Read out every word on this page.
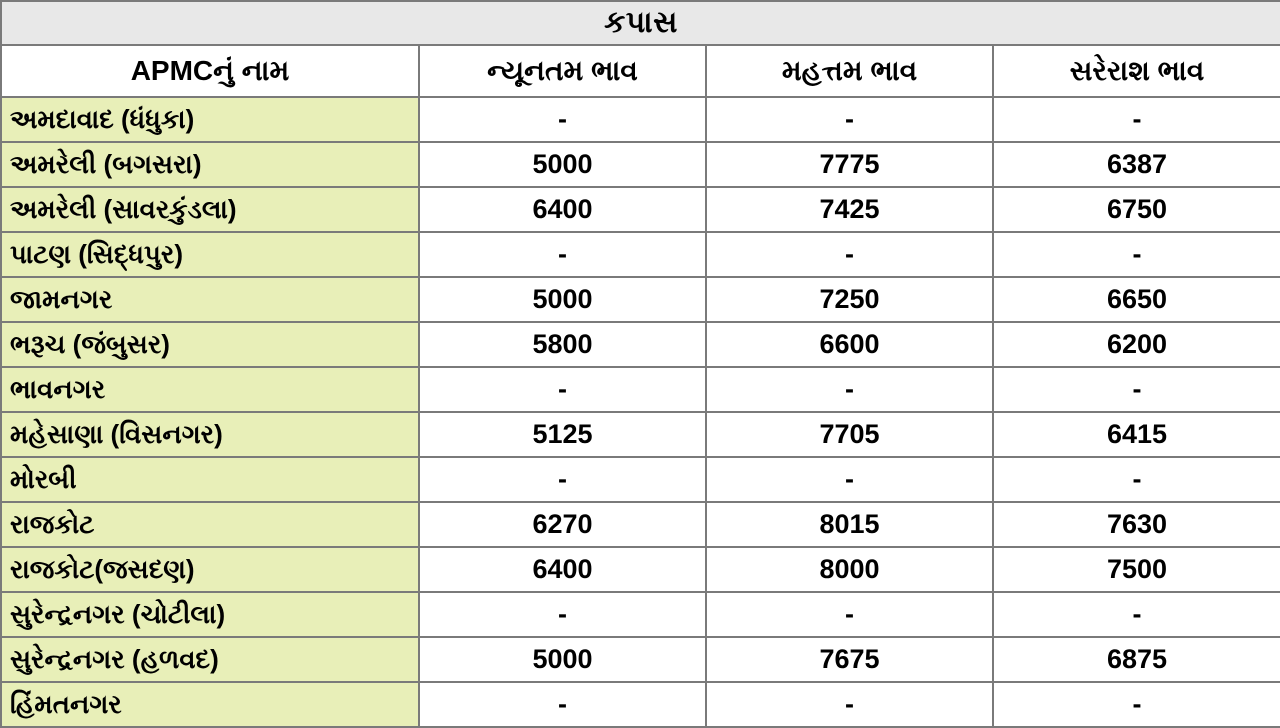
કપાસ			
APMCનું નામ	ન્યૂનતમ ભાવ	મહત્તમ ભાવ	સરેરાશ ભાવ
અમદાવાદ (ધંધુકા)	-	-	-
અમરેલી (બગસરા)	5000	7775	6387
અમરેલી (સાવરકુંડલા)	6400	7425	6750
પાટણ (સિદ્ધપુર)	-	-	-
જામનગર	5000	7250	6650
ભરૂચ (જંબુસર)	5800	6600	6200
ભાવનગર	-	-	-
મહેસાણા (વિસનગર)	5125	7705	6415
મોરબી	-	-	-
રાજકોટ	6270	8015	7630
રાજકોટ(જસદણ)	6400	8000	7500
સુરેન્દ્રનગર (ચોટીલા)	-	-	-
સુરેન્દ્રનગર (હળવદ)	5000	7675	6875
હિંમતનગર	-	-	-
